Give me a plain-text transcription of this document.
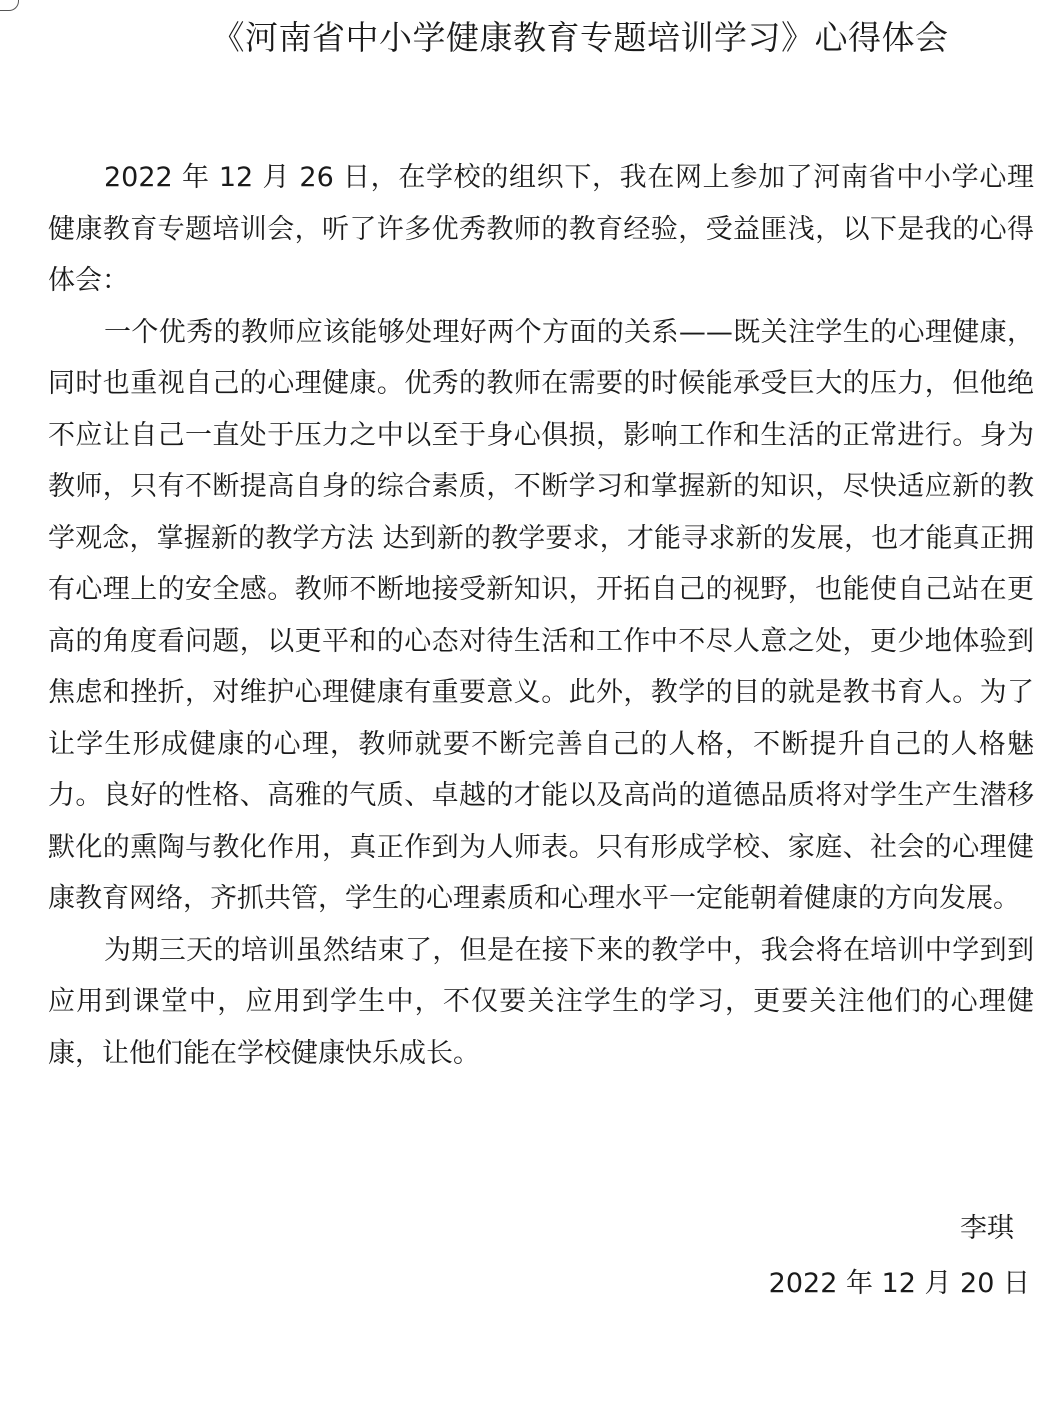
《河南省中小学健康教育专题培训学习》心得体会

2022 年 12 月 26 日，在学校的组织下，我在网上参加了河南省中小学心理健康教育专题培训会，听了许多优秀教师的教育经验，受益匪浅，以下是我的心得体会：

一个优秀的教师应该能够处理好两个方面的关系——既关注学生的心理健康，同时也重视自己的心理健康。优秀的教师在需要的时候能承受巨大的压力，但他绝不应让自己一直处于压力之中以至于身心俱损，影响工作和生活的正常进行。身为教师，只有不断提高自身的综合素质，不断学习和掌握新的知识，尽快适应新的教学观念，掌握新的教学方法 达到新的教学要求，才能寻求新的发展，也才能真正拥有心理上的安全感。教师不断地接受新知识，开拓自己的视野，也能使自己站在更高的角度看问题，以更平和的心态对待生活和工作中不尽人意之处，更少地体验到焦虑和挫折，对维护心理健康有重要意义。此外，教学的目的就是教书育人。为了让学生形成健康的心理，教师就要不断完善自己的人格，不断提升自己的人格魅力。良好的性格、高雅的气质、卓越的才能以及高尚的道德品质将对学生产生潜移默化的熏陶与教化作用，真正作到为人师表。只有形成学校、家庭、社会的心理健康教育网络，齐抓共管，学生的心理素质和心理水平一定能朝着健康的方向发展。

为期三天的培训虽然结束了，但是在接下来的教学中，我会将在培训中学到到应用到课堂中，应用到学生中，不仅要关注学生的学习，更要关注他们的心理健康，让他们能在学校健康快乐成长。

李琪
2022 年 12 月 20 日
